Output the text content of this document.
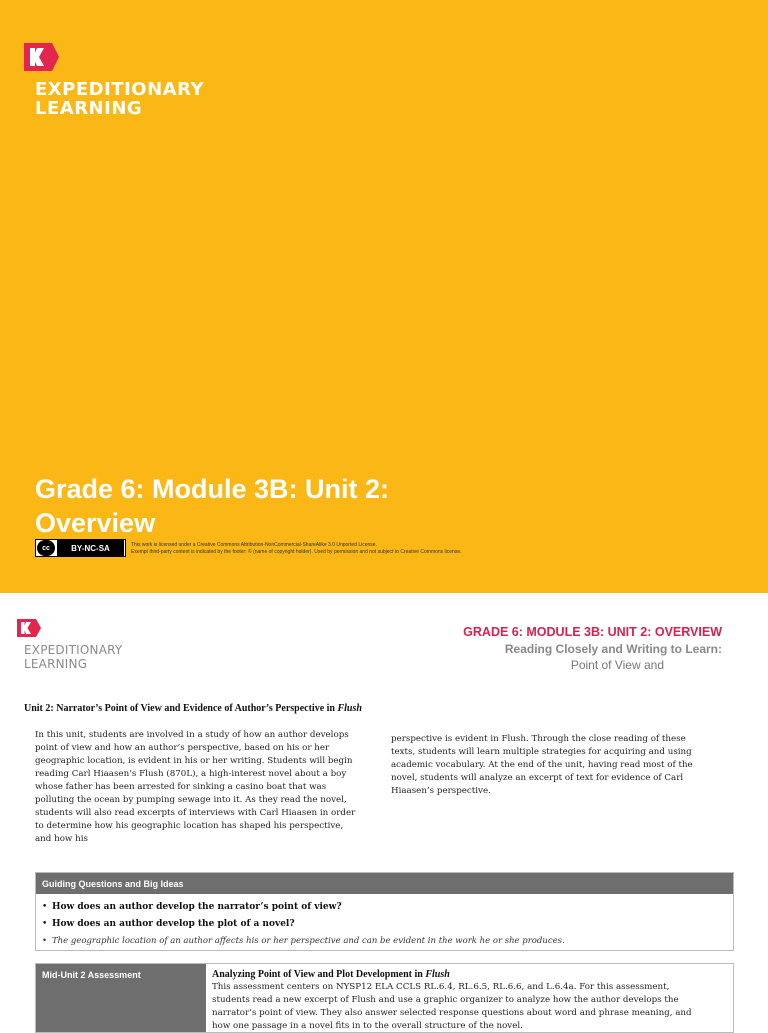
EXPEDITIONARY
LEARNING
Grade 6: Module 3B: Unit 2:
Overview
cc	BY-NC-SA	This work is licensed under a Creative Commons Attribution-NonCommercial-ShareAlike 3.0 Unported License.
Exempt third-party content is indicated by the footer: © (name of copyright holder). Used by permission and not subject to Creative Commons license.
EXPEDITIONARY
LEARNING
GRADE 6: MODULE 3B: UNIT 2: OVERVIEW
Reading Closely and Writing to Learn:
Point of View and
Unit 2: Narrator’s Point of View and Evidence of Author’s Perspective in Flush
In this unit, students are involved in a study of how an author develops
point of view and how an author’s perspective, based on his or her
geographic location, is evident in his or her writing. Students will begin
reading Carl Hiaasen’s Flush (870L), a high-interest novel about a boy
whose father has been arrested for sinking a casino boat that was
polluting the ocean by pumping sewage into it. As they read the novel,
students will also read excerpts of interviews with Carl Hiaasen in order
to determine how his geographic location has shaped his perspective,
and how his
perspective is evident in Flush. Through the close reading of these
texts, students will learn multiple strategies for acquiring and using
academic vocabulary. At the end of the unit, having read most of the
novel, students will analyze an excerpt of text for evidence of Carl
Hiaasen’s perspective.
Guiding Questions and Big Ideas
• How does an author develop the narrator’s point of view?
• How does an author develop the plot of a novel?
• The geographic location of an author affects his or her perspective and can be evident in the work he or she produces.
Mid-Unit 2 Assessment	Analyzing Point of View and Plot Development in Flush
This assessment centers on NYSP12 ELA CCLS RL.6.4, RL.6.5, RL.6.6, and L.6.4a. For this assessment,
students read a new excerpt of Flush and use a graphic organizer to analyze how the author develops the
narrator’s point of view. They also answer selected response questions about word and phrase meaning, and
how one passage in a novel fits in to the overall structure of the novel.
